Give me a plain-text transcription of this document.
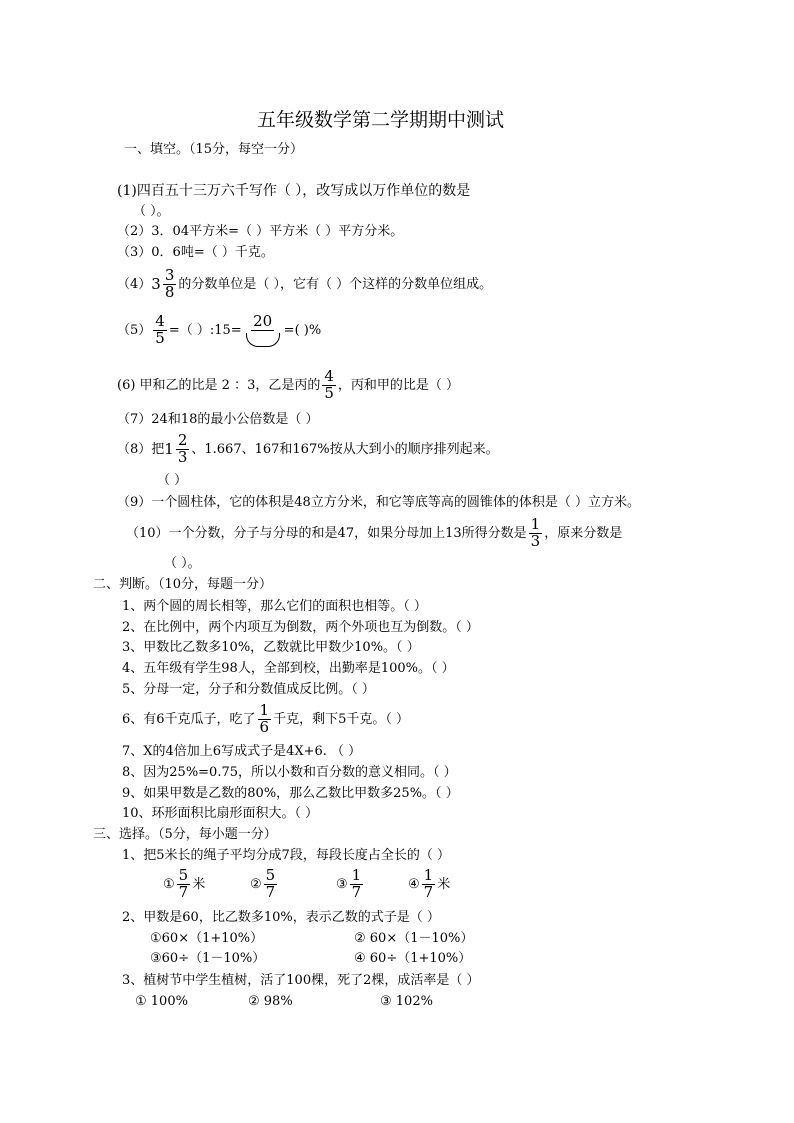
五年级数学第二学期期中测试
一、填空。（15分，每空一分）
(1)四百五十三万六千写作（ ），改写成以万作单位的数是
（ ）。
（2）3．04平方米=（ ）平方米（ ）平方分米。
（3）0．6吨=（ ）千克。
（4） $3 \frac{3}{8}$ 的分数单位是（ ），它有（ ）个这样的分数单位组成。
$(5) \frac{4}{5}$ =（ ）:15=
20
=( )%
(6) 甲和乙的比是 2 ：3，乙是丙的 $\frac{4}{5}$ ，丙和甲的比是（ ）
（7）24和18的最小公倍数是（ ）
（8）把 $1 \frac{2}{3}$ 、1.667、167和167%按从大到小的顺序排列起来。
（ ）
（9）一个圆柱体，它的体积是48立方分米，和它等底等高的圆锥体的体积是（ ）立方米。
（10）一个分数，分子与分母的和是47，如果分母加上13所得分数是 $\frac{1}{3}$ ，原来分数是
（ ）。
二、判断。（10分，每题一分）
1、两个圆的周长相等，那么它们的面积也相等。（ ）
2、在比例中，两个内项互为倒数，两个外项也互为倒数。（ ）
3、甲数比乙数多10%，乙数就比甲数少10%。（ ）
4、五年级有学生98人，全部到校，出勤率是100%。（ ）
5、分母一定，分子和分数值成反比例。（ ）
6、有6千克瓜子，吃了 $\frac{1}{6}$ 千克，剩下5千克。（ ）
7、X的4倍加上6写成式子是4X+6. （ ）
8、因为25%=0.75，所以小数和百分数的意义相同。（ ）
9、如果甲数是乙数的80%，那么乙数比甲数多25%。（ ）
10、环形面积比扇形面积大。（ ）
三、选择。（5分，每小题一分）
1、把5米长的绳子平均分成7段，每段长度占全长的（ ）
① $\frac{5}{7}$ 米	② $\frac{5}{7}$	③ $\frac{1}{7}$	④ $\frac{1}{7}$ 米
2、甲数是60，比乙数多10%，表示乙数的式子是（ ）
①60×（1+10%）	② 60×（1－10%）
③60÷（1－10%）	④ 60÷（1+10%）
3、植树节中学生植树，活了100棵，死了2棵，成活率是（ ）
① 100%	② 98%	③ 102%
